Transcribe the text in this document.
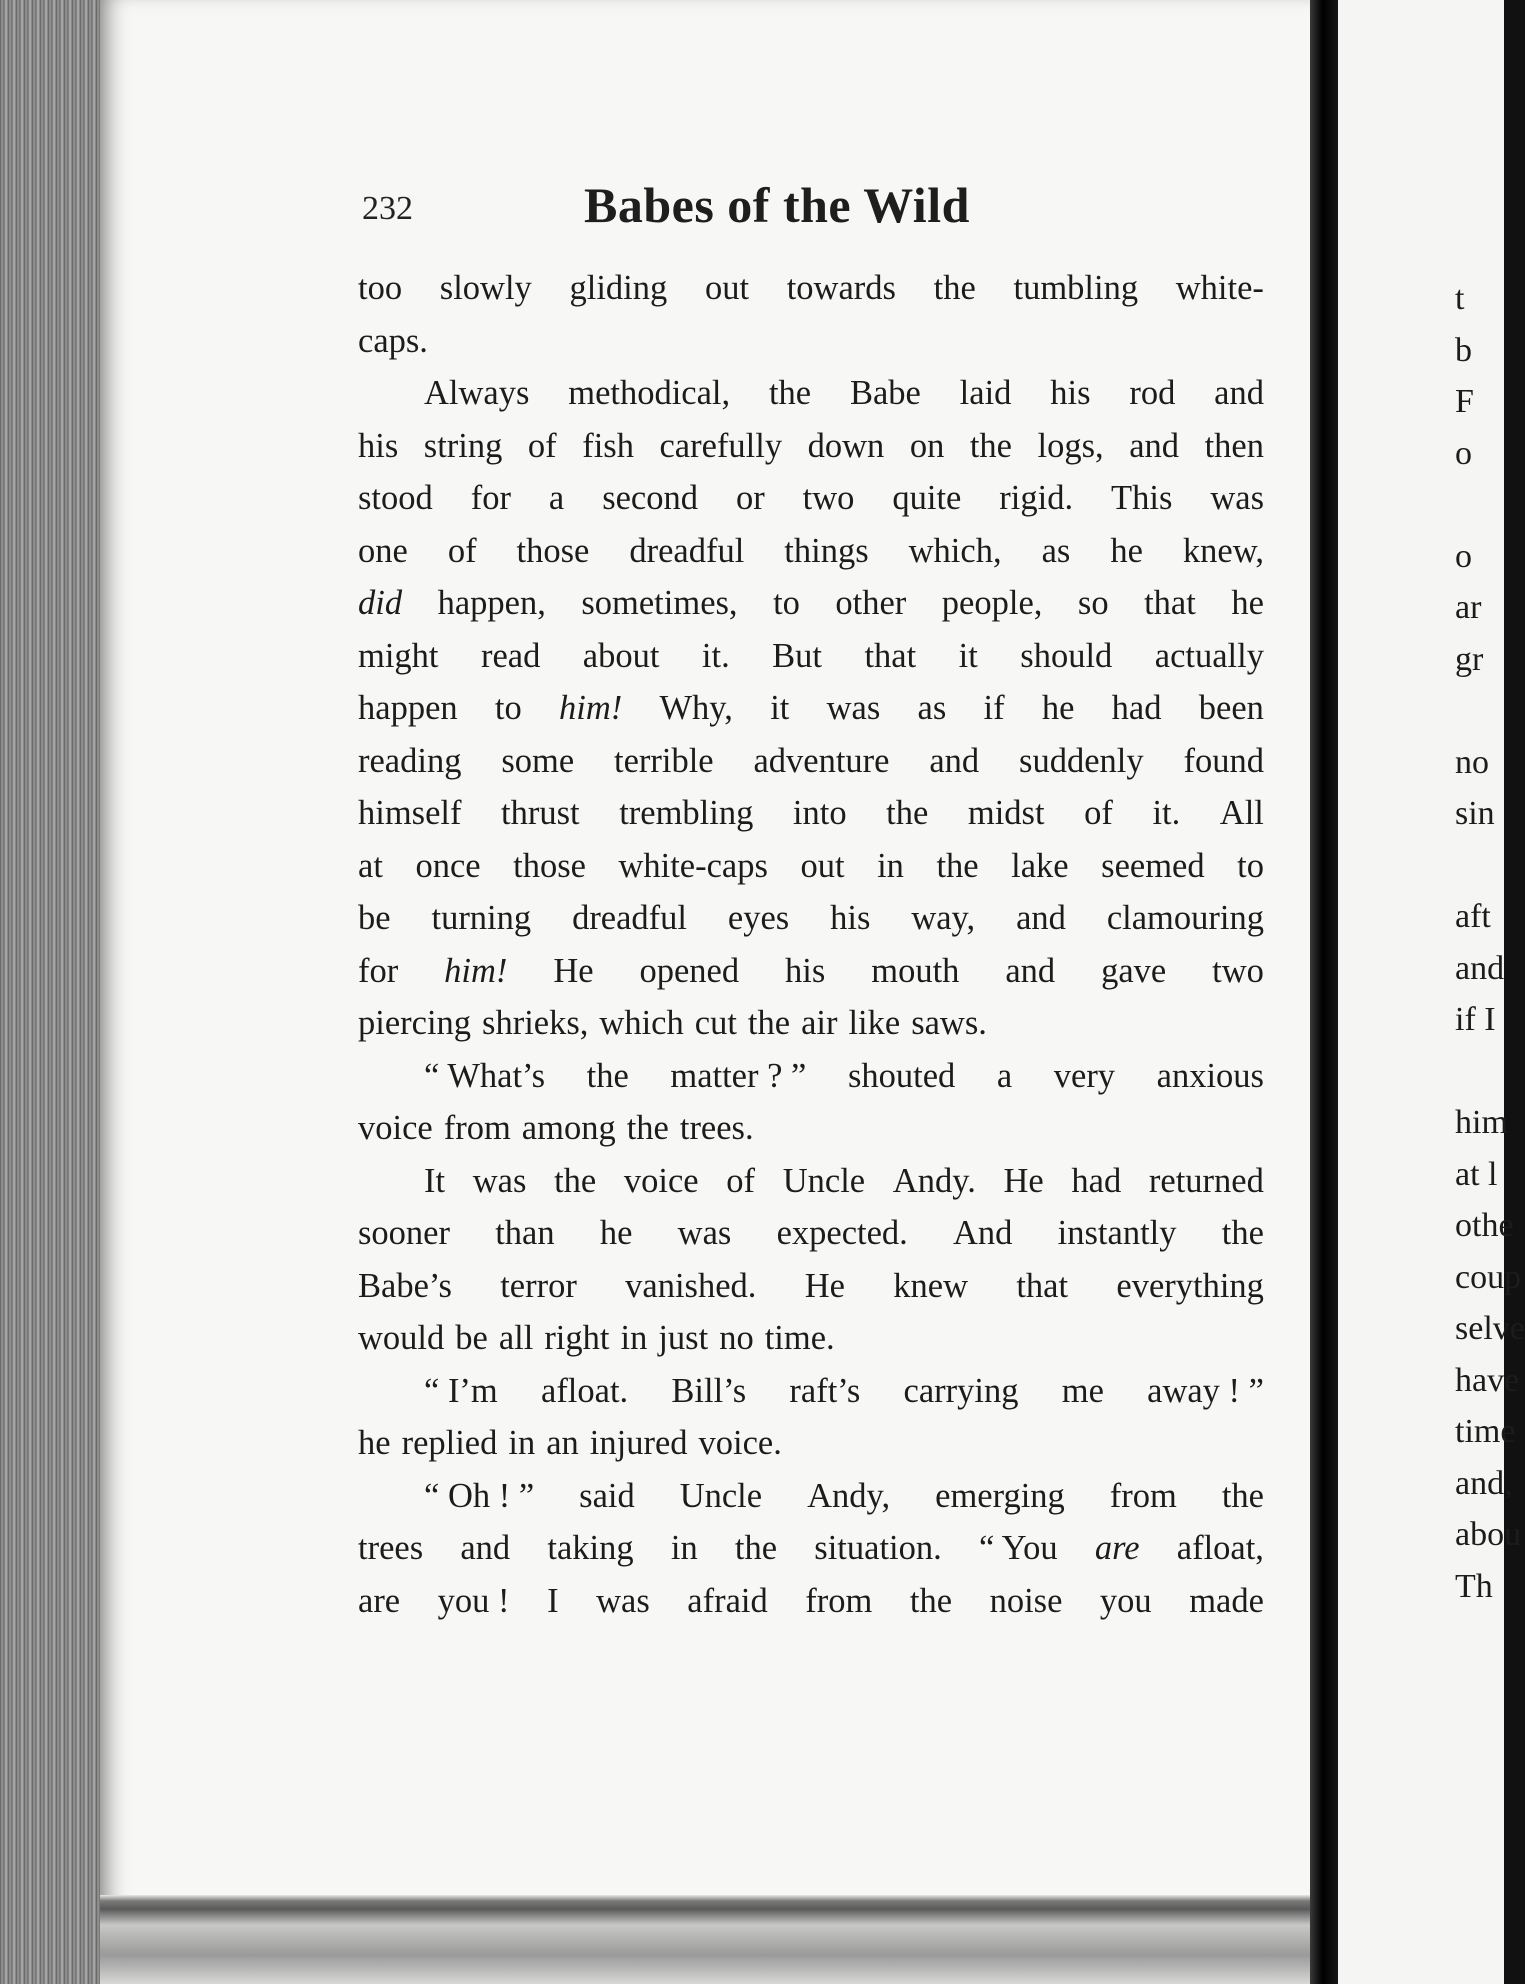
232	Babes of the Wild
too slowly gliding out towards the tumbling white-
caps.
Always methodical, the Babe laid his rod and
his string of fish carefully down on the logs, and then
stood for a second or two quite rigid. This was
one of those dreadful things which, as he knew,
did happen, sometimes, to other people, so that he
might read about it. But that it should actually
happen to him! Why, it was as if he had been
reading some terrible adventure and suddenly found
himself thrust trembling into the midst of it. All
at once those white-caps out in the lake seemed to
be turning dreadful eyes his way, and clamouring
for him! He opened his mouth and gave two
piercing shrieks, which cut the air like saws.
“ What’s the matter ? ” shouted a very anxious
voice from among the trees.
It was the voice of Uncle Andy. He had returned
sooner than he was expected. And instantly the
Babe’s terror vanished. He knew that everything
would be all right in just no time.
“ I’m afloat. Bill’s raft’s carrying me away ! ”
he replied in an injured voice.
“ Oh ! ” said Uncle Andy, emerging from the
trees and taking in the situation. “ You are afloat,
are you ! I was afraid from the noise you made
t
b
F
o
o
ar
gr
no
sin
aft
and
if I
him
at l
othe
coup
selve
have
time
and,
abou
Th
